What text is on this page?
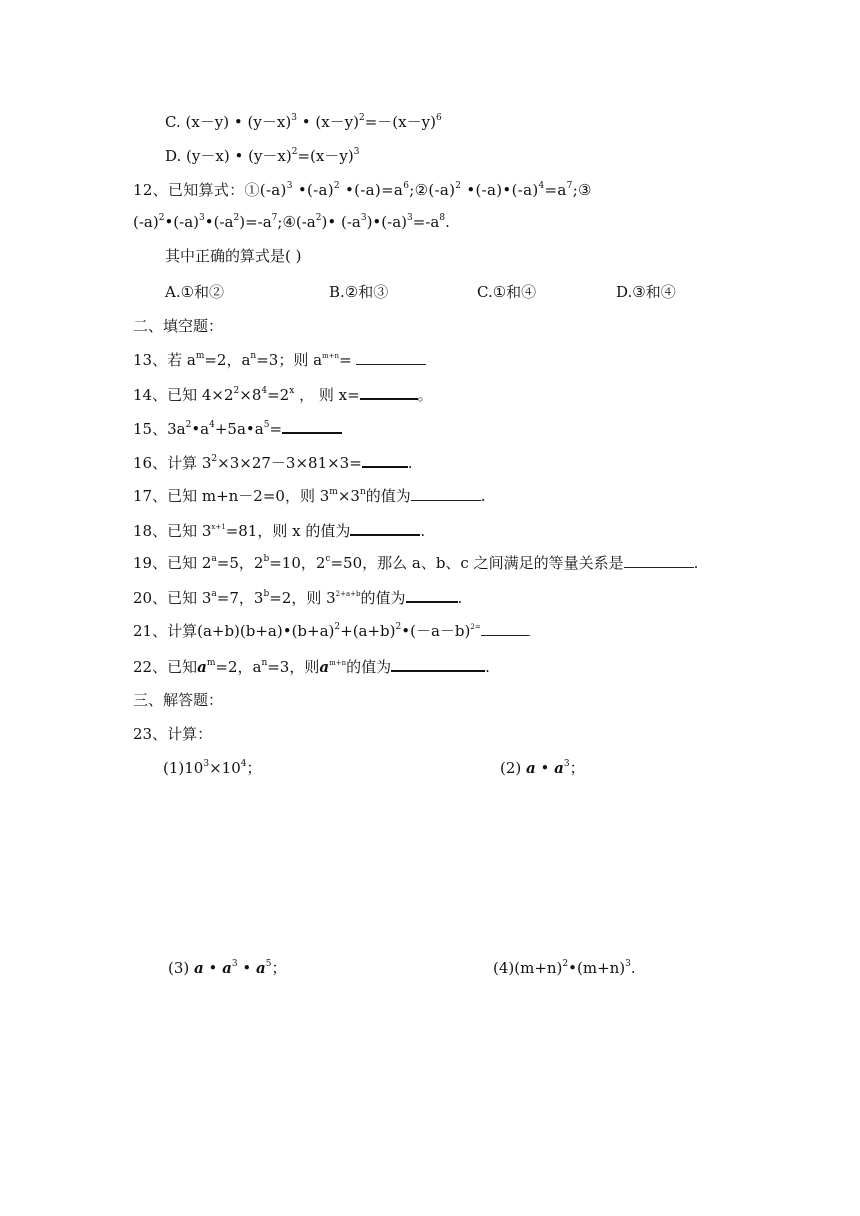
C. (x－y) • $(y-x)^3$ • $(x-y)^2=-(x-y)^6$
D. (y－x) • $(y-x)^2=(x-y)^3$
12、已知算式：$①(-a)^3$ $•(-a)^2$ $•(-a)=a^6;②(-a)^2$ $•(-a)•(-a)^4=a^7;③$
$(-a)^2•(-a)^3•(-a^2)=-a^7;④(-a^2)•$ $(-a^3)•(-a)^3=-a^8$.
其中正确的算式是( )
A.①和②	B.②和③	C.①和④	D.③和④
二、填空题：
13、若 $a^m=2$，$a^n=3$；则 $a^{m+n}=$
14、已知 $4\times 2^2\times 8^4=2^x$ ， 则 x=	。
15、$3a^2•a^4+5a•a^5=$
16、计算 $3^2\times 3\times 27-3\times 81\times 3=$	.
17、已知 m+n－2=0，则 $3^m\times 3^n$的值为	.
18、已知 $3^{x+1}=81$，则 x 的值为	.
19、已知 $2^a=5$，$2^b=10$，$2^c=50$，那么 a、b、c 之间满足的等量关系是	.
20、已知 $3^a=7$，$3^b=2$，则 $3^{2+a+b}$的值为	.
21、计算$(a+b)(b+a)•(b+a)^2+(a+b)^2•(-a-b)^{2=}$.
22、已知$a^m=2$，$a^n=3$，则$a^{m+n}$的值为	.
三、解答题：
23、计算：
$(1)10^3\times 10^4$；	(2) a • $a^3$；
(3) a • $a^3$ • $a^5$；	$(4)(m+n)^2•(m+n)^3$.
